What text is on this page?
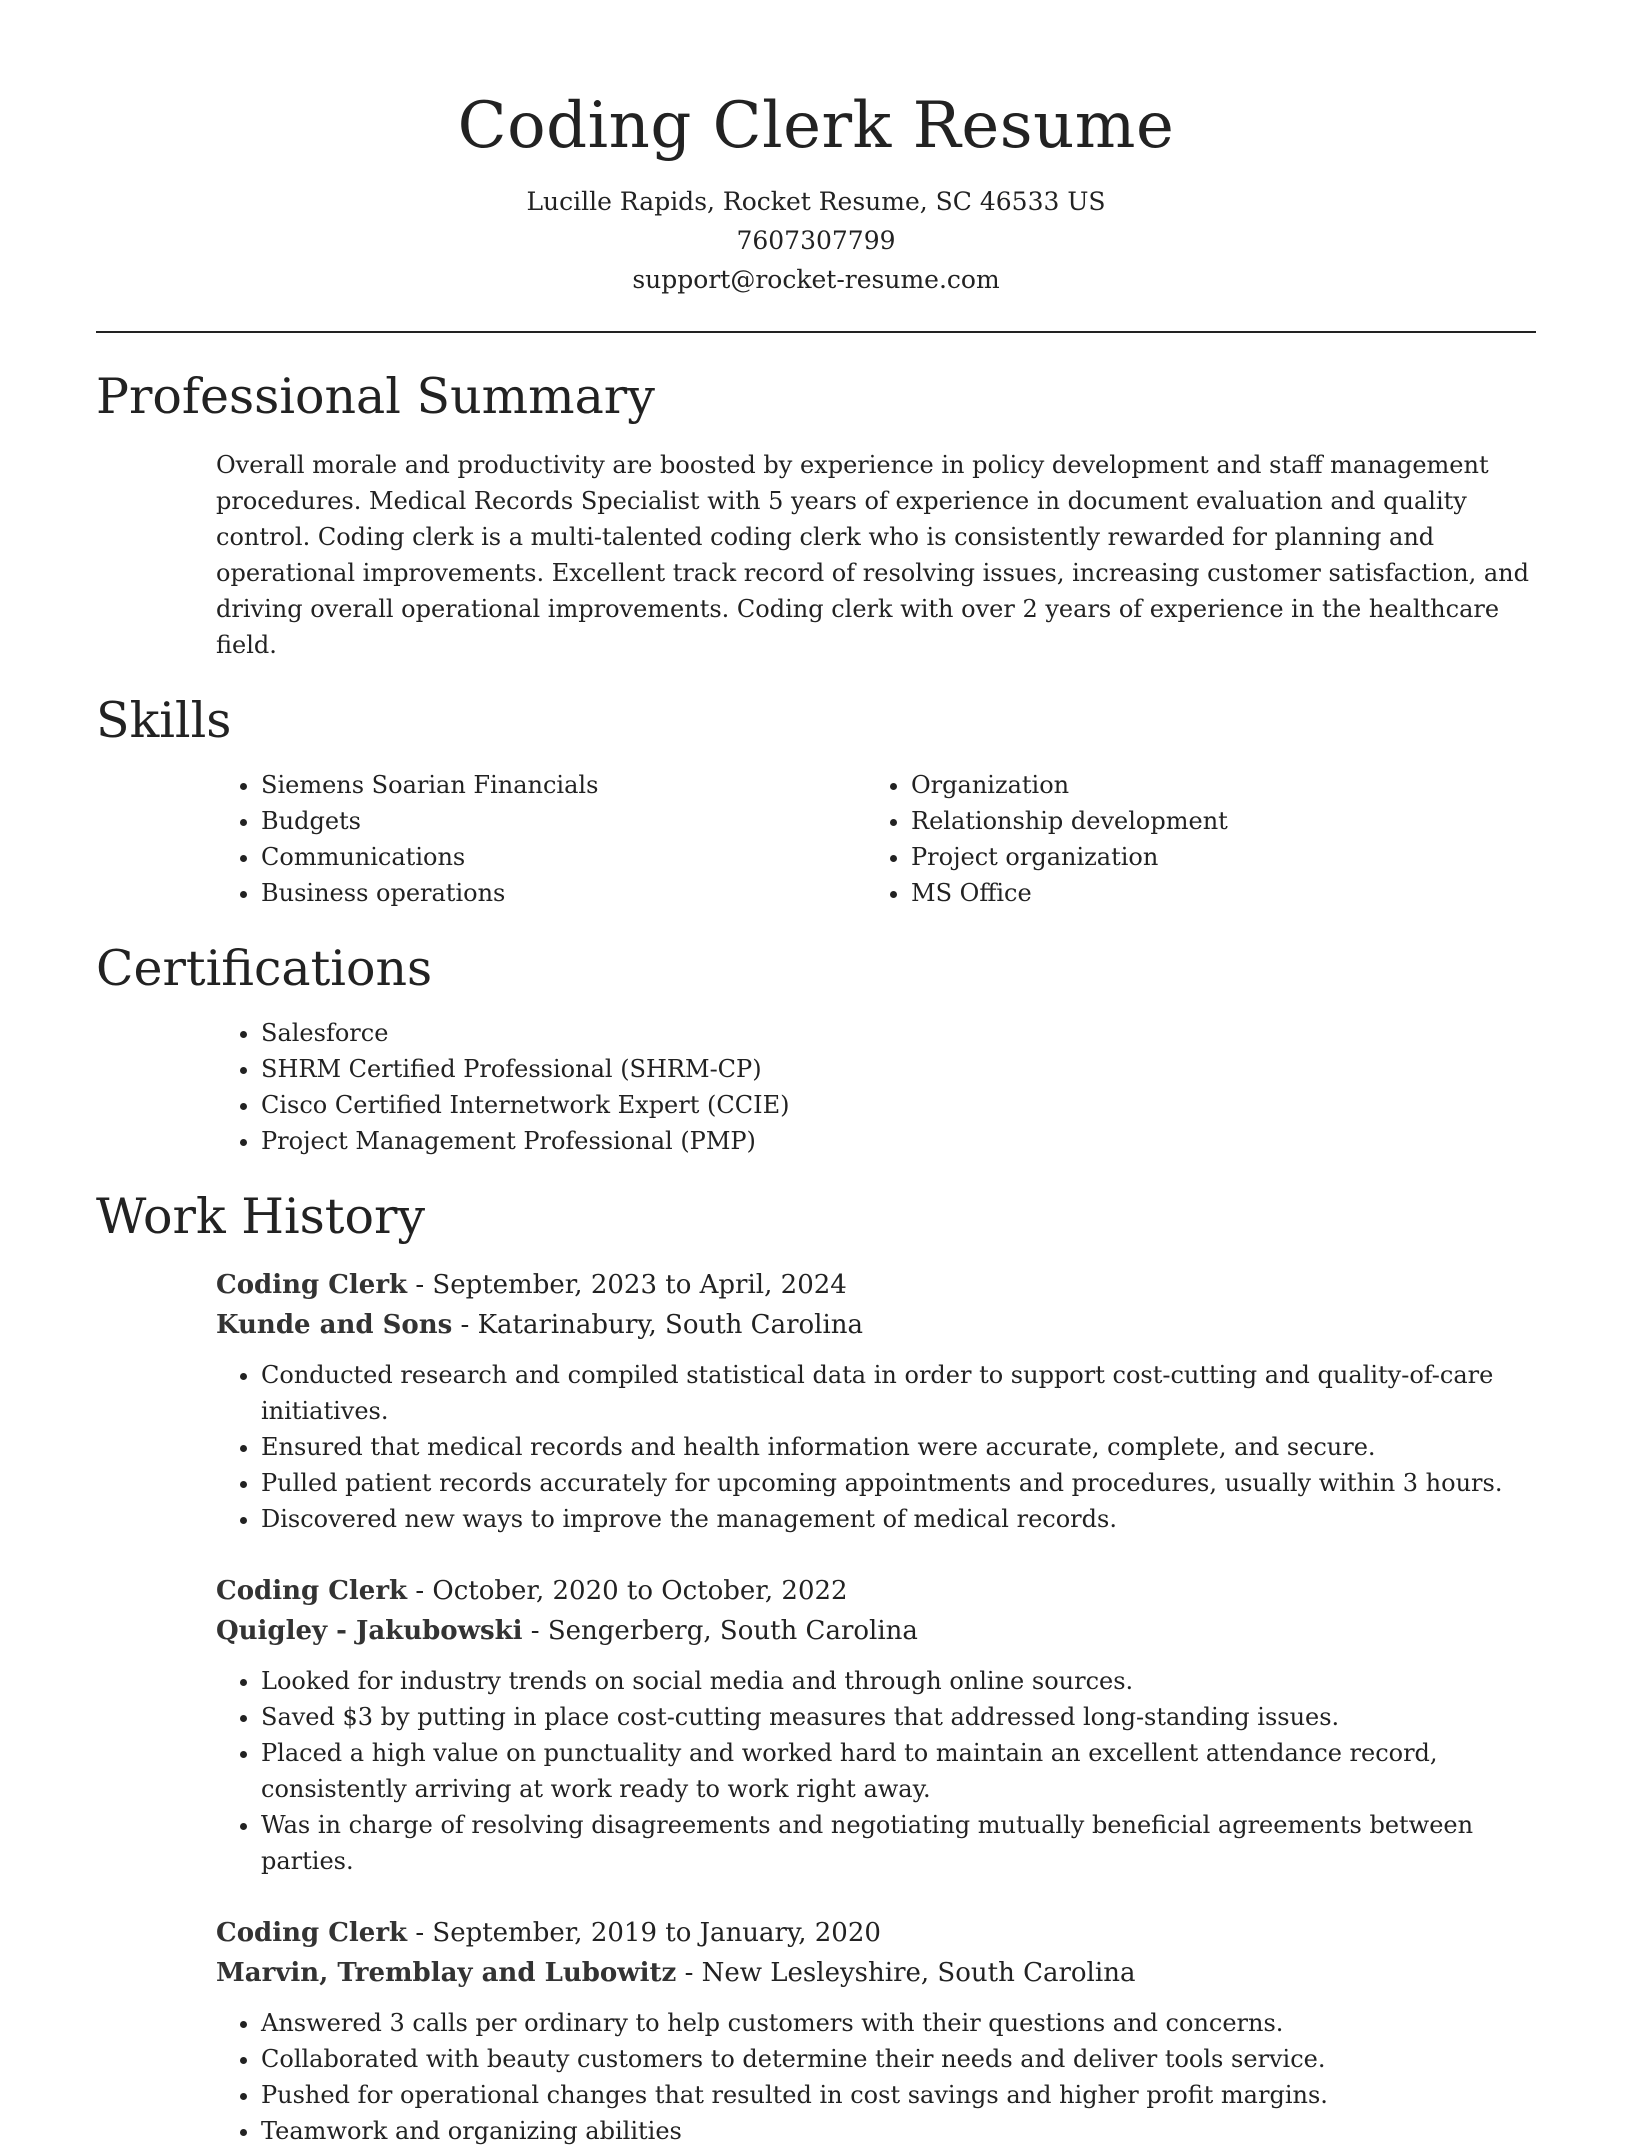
Coding Clerk Resume
Lucille Rapids, Rocket Resume, SC 46533 US
7607307799
support@rocket-resume.com
Professional Summary

Overall morale and productivity are boosted by experience in policy development and staff management procedures. Medical Records Specialist with 5 years of experience in document evaluation and quality control. Coding clerk is a multi-talented coding clerk who is consistently rewarded for planning and operational improvements. Excellent track record of resolving issues, increasing customer satisfaction, and driving overall operational improvements. Coding clerk with over 2 years of experience in the healthcare field.

Skills
• Siemens Soarian Financials
• Budgets
• Communications
• Business operations
• Organization
• Relationship development
• Project organization
• MS Office
Certifications
• Salesforce
• SHRM Certified Professional (SHRM-CP)
• Cisco Certified Internetwork Expert (CCIE)
• Project Management Professional (PMP)
Work History
Coding Clerk - September, 2023 to April, 2024
Kunde and Sons - Katarinabury, South Carolina
• Conducted research and compiled statistical data in order to support cost-cutting and quality-of-care initiatives.
• Ensured that medical records and health information were accurate, complete, and secure.
• Pulled patient records accurately for upcoming appointments and procedures, usually within 3 hours.
• Discovered new ways to improve the management of medical records.
Coding Clerk - October, 2020 to October, 2022
Quigley - Jakubowski - Sengerberg, South Carolina
• Looked for industry trends on social media and through online sources.
• Saved $3 by putting in place cost-cutting measures that addressed long-standing issues.
• Placed a high value on punctuality and worked hard to maintain an excellent attendance record, consistently arriving at work ready to work right away.
• Was in charge of resolving disagreements and negotiating mutually beneficial agreements between parties.
Coding Clerk - September, 2019 to January, 2020
Marvin, Tremblay and Lubowitz - New Lesleyshire, South Carolina
• Answered 3 calls per ordinary to help customers with their questions and concerns.
• Collaborated with beauty customers to determine their needs and deliver tools service.
• Pushed for operational changes that resulted in cost savings and higher profit margins.
• Teamwork and organizing abilities
